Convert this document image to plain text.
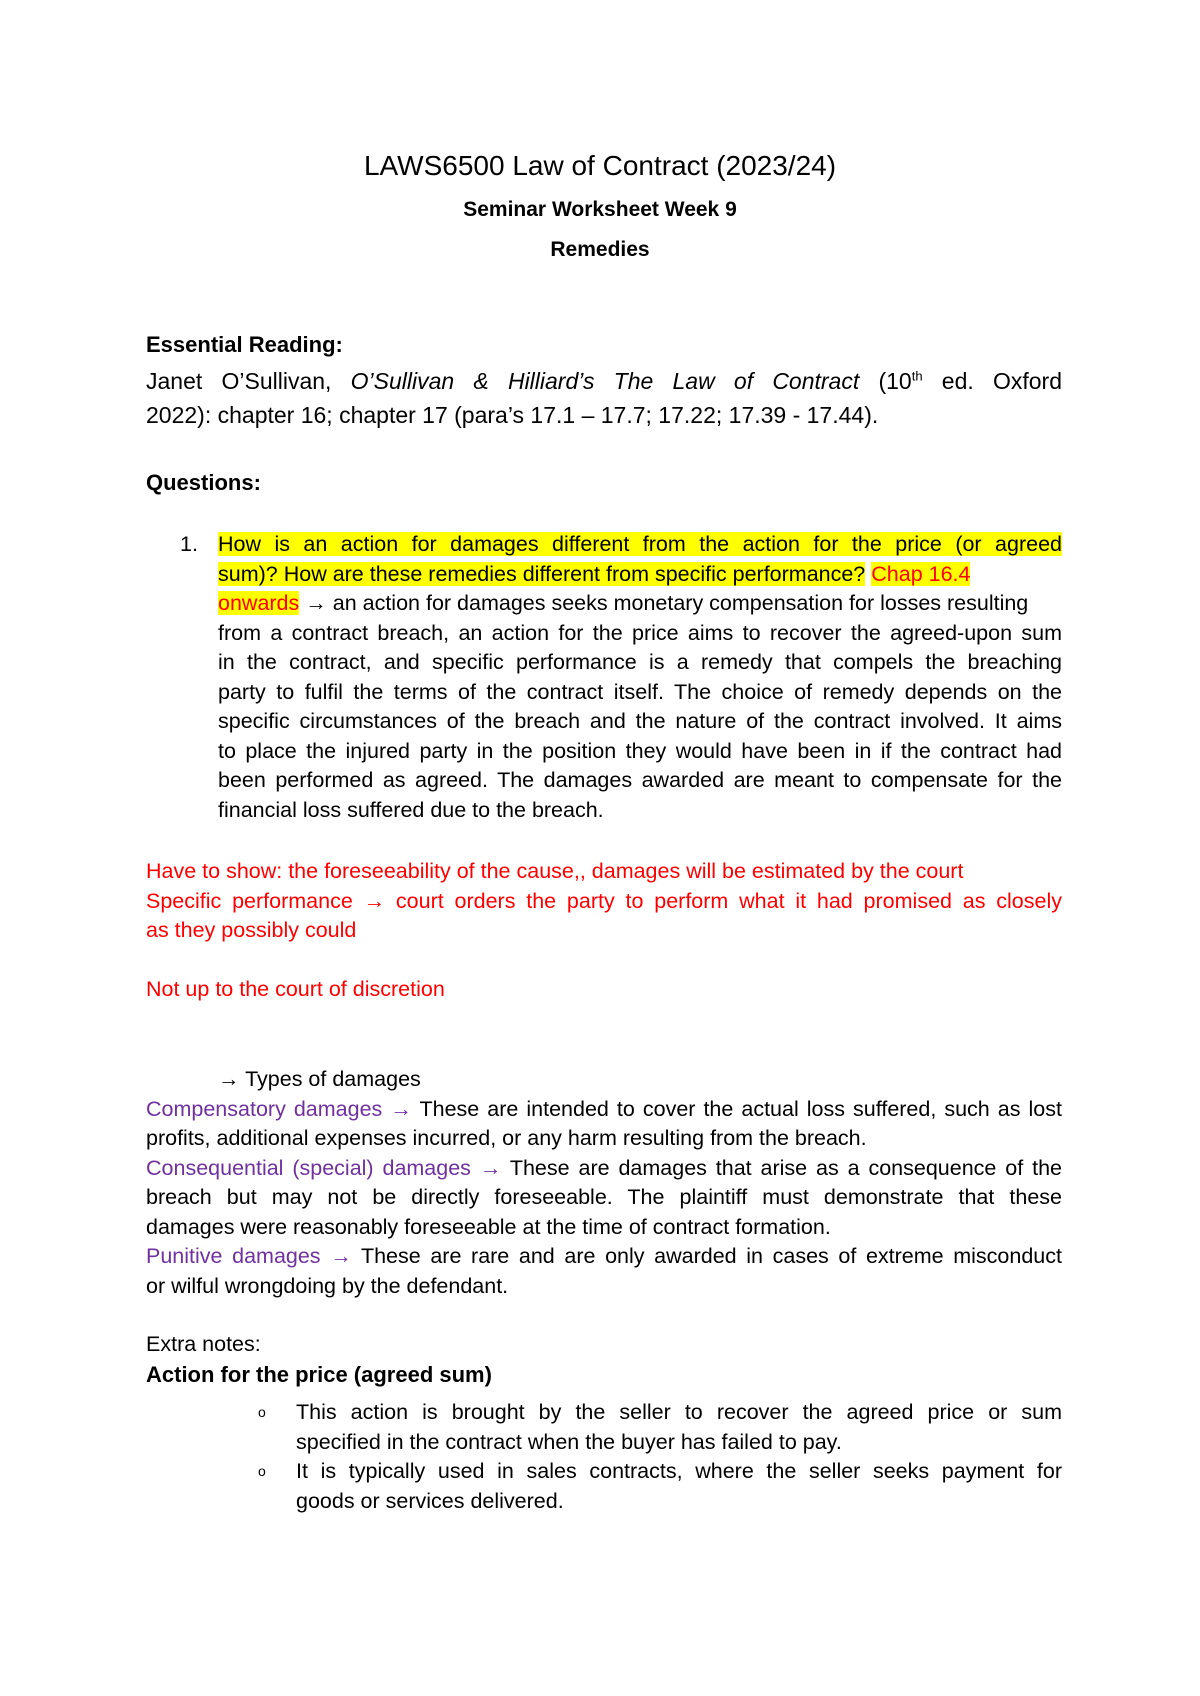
LAWS6500 Law of Contract (2023/24)
Seminar Worksheet Week 9
Remedies

Essential Reading:

Janet O’Sullivan, O’Sullivan & Hilliard’s The Law of Contract (10th ed. Oxford

2022): chapter 16; chapter 17 (para’s 17.1 – 17.7; 17.22; 17.39 - 17.44).

Questions:

1. How is an action for damages different from the action for the price (or agreed

sum)? How are these remedies different from specific performance? Chap 16.4

onwards → an action for damages seeks monetary compensation for losses resulting

from a contract breach, an action for the price aims to recover the agreed-upon sum

in the contract, and specific performance is a remedy that compels the breaching

party to fulfil the terms of the contract itself. The choice of remedy depends on the

specific circumstances of the breach and the nature of the contract involved. It aims

to place the injured party in the position they would have been in if the contract had

been performed as agreed. The damages awarded are meant to compensate for the

financial loss suffered due to the breach.

Have to show: the foreseeability of the cause,, damages will be estimated by the court

Specific performance → court orders the party to perform what it had promised as closely

as they possibly could

Not up to the court of discretion

→ Types of damages

Compensatory damages → These are intended to cover the actual loss suffered, such as lost

profits, additional expenses incurred, or any harm resulting from the breach.

Consequential (special) damages → These are damages that arise as a consequence of the

breach but may not be directly foreseeable. The plaintiff must demonstrate that these

damages were reasonably foreseeable at the time of contract formation.

Punitive damages → These are rare and are only awarded in cases of extreme misconduct

or wilful wrongdoing by the defendant.

Extra notes:

Action for the price (agreed sum)

o This action is brought by the seller to recover the agreed price or sum

specified in the contract when the buyer has failed to pay.

o It is typically used in sales contracts, where the seller seeks payment for

goods or services delivered.
